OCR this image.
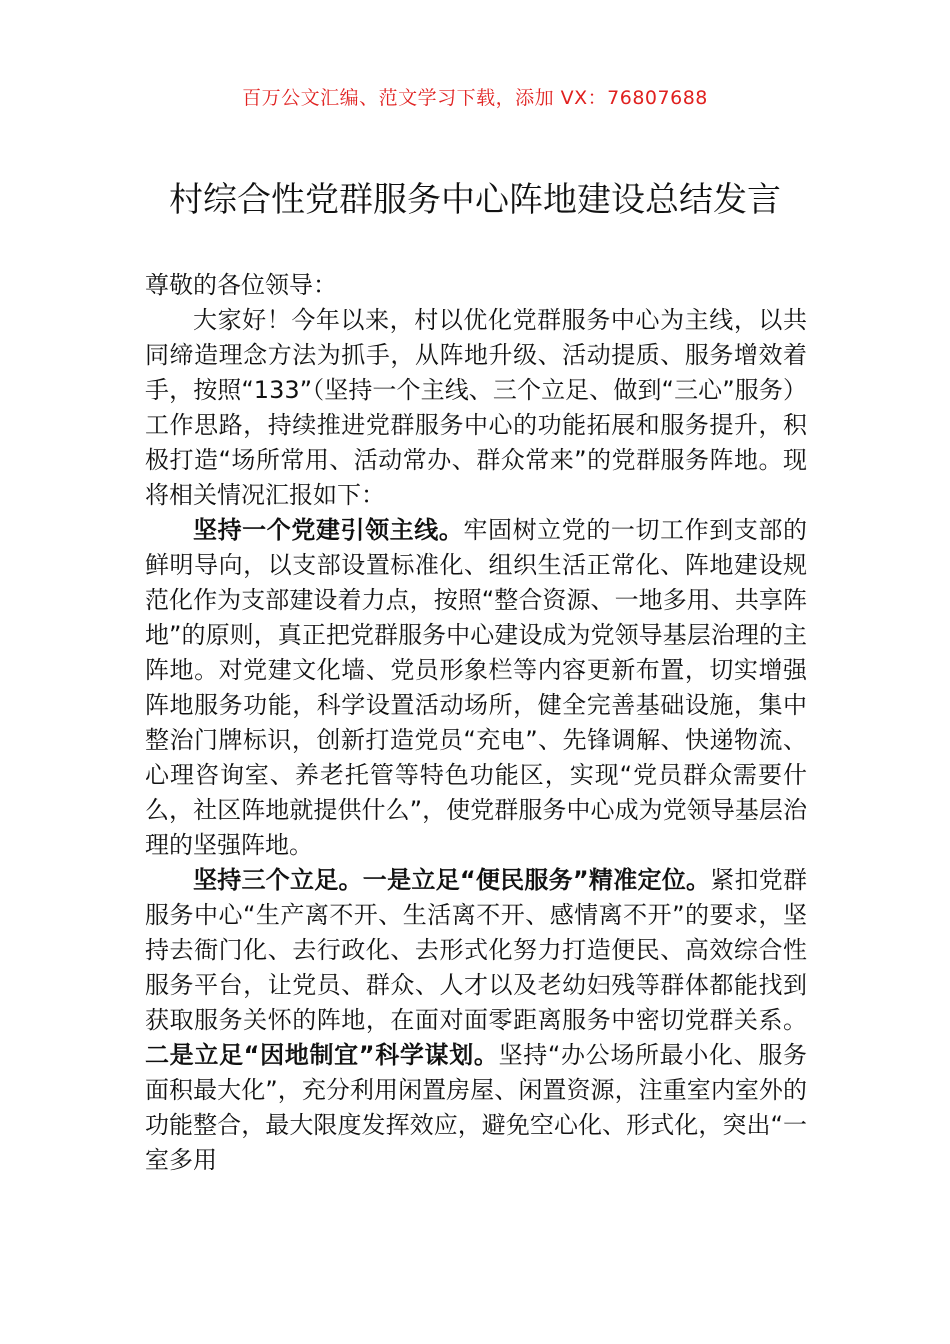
百万公文汇编、范文学习下载，添加 VX：76807688
村综合性党群服务中心阵地建设总结发言

尊敬的各位领导：

大家好！今年以来，村以优化党群服务中心为主线，以共同缔造理念方法为抓手，从阵地升级、活动提质、服务增效着手，按照“133”（坚持一个主线、三个立足、做到“三心”服务）工作思路，持续推进党群服务中心的功能拓展和服务提升，积极打造“场所常用、活动常办、群众常来”的党群服务阵地。现将相关情况汇报如下：

坚持一个党建引领主线。牢固树立党的一切工作到支部的鲜明导向，以支部设置标准化、组织生活正常化、阵地建设规范化作为支部建设着力点，按照“整合资源、一地多用、共享阵地”的原则，真正把党群服务中心建设成为党领导基层治理的主阵地。对党建文化墙、党员形象栏等内容更新布置，切实增强阵地服务功能，科学设置活动场所，健全完善基础设施，集中整治门牌标识，创新打造党员“充电”、先锋调解、快递物流、心理咨询室、养老托管等特色功能区，实现“党员群众需要什么，社区阵地就提供什么”，使党群服务中心成为党领导基层治理的坚强阵地。

坚持三个立足。一是立足“便民服务”精准定位。紧扣党群服务中心“生产离不开、生活离不开、感情离不开”的要求，坚持去衙门化、去行政化、去形式化努力打造便民、高效综合性服务平台，让党员、群众、人才以及老幼妇残等群体都能找到获取服务关怀的阵地，在面对面零距离服务中密切党群关系。二是立足“因地制宜”科学谋划。坚持“办公场所最小化、服务面积最大化”，充分利用闲置房屋、闲置资源，注重室内室外的功能整合，最大限度发挥效应，避免空心化、形式化，突出“一室多用
